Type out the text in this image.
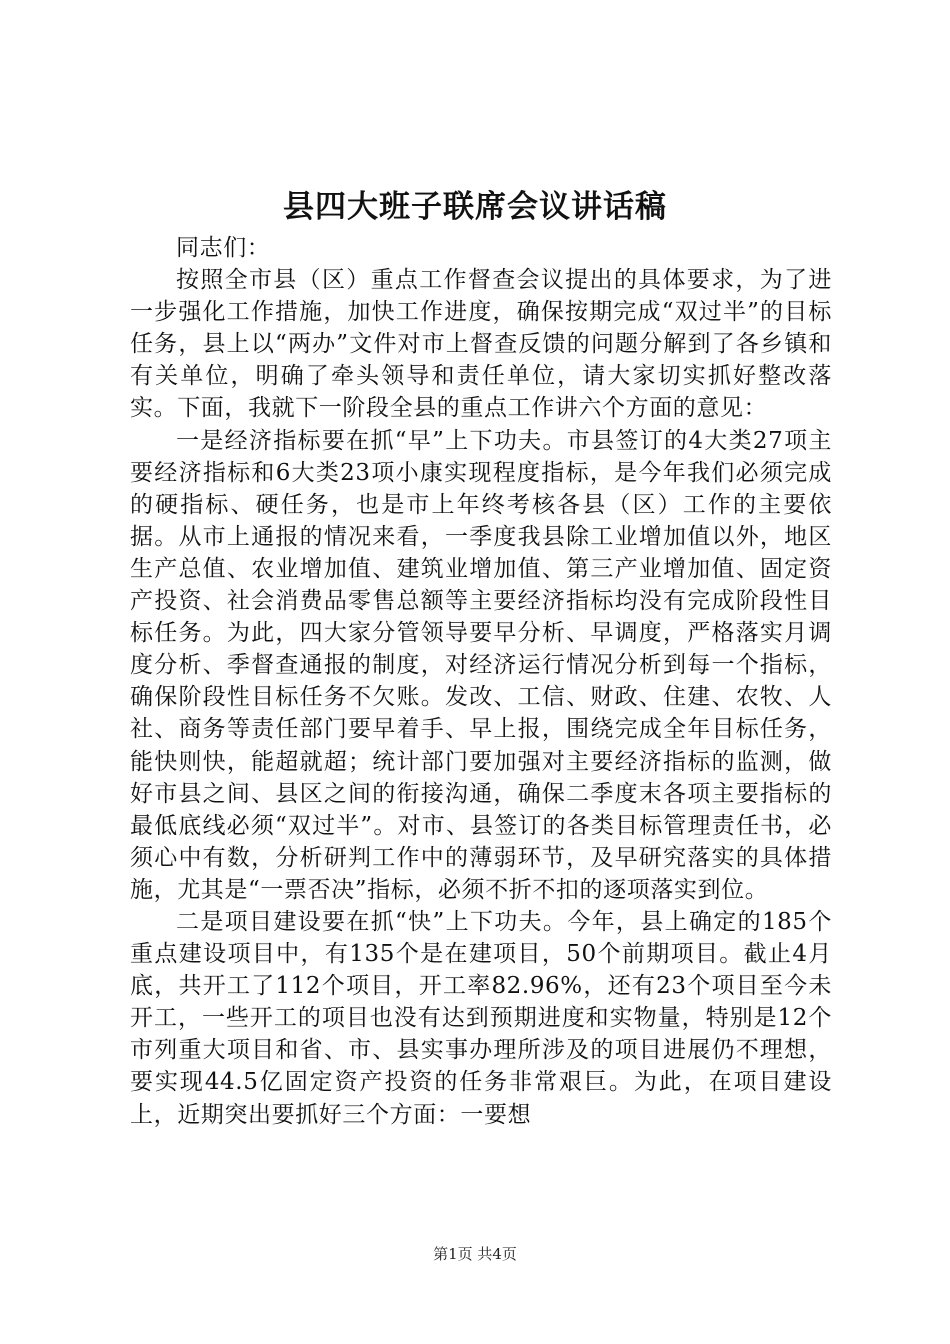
县四大班子联席会议讲话稿

同志们：

按照全市县（区）重点工作督查会议提出的具体要求，为了进一步强化工作措施，加快工作进度，确保按期完成“双过半”的目标任务，县上以“两办”文件对市上督查反馈的问题分解到了各乡镇和有关单位，明确了牵头领导和责任单位，请大家切实抓好整改落实。下面，我就下一阶段全县的重点工作讲六个方面的意见：

一是经济指标要在抓“早”上下功夫。市县签订的4大类27项主要经济指标和6大类23项小康实现程度指标，是今年我们必须完成的硬指标、硬任务，也是市上年终考核各县（区）工作的主要依据。从市上通报的情况来看，一季度我县除工业增加值以外，地区生产总值、农业增加值、建筑业增加值、第三产业增加值、固定资产投资、社会消费品零售总额等主要经济指标均没有完成阶段性目标任务。为此，四大家分管领导要早分析、早调度，严格落实月调度分析、季督查通报的制度，对经济运行情况分析到每一个指标，确保阶段性目标任务不欠账。发改、工信、财政、住建、农牧、人社、商务等责任部门要早着手、早上报，围绕完成全年目标任务，能快则快，能超就超；统计部门要加强对主要经济指标的监测，做好市县之间、县区之间的衔接沟通，确保二季度末各项主要指标的最低底线必须“双过半”。对市、县签订的各类目标管理责任书，必须心中有数，分析研判工作中的薄弱环节，及早研究落实的具体措施，尤其是“一票否决”指标，必须不折不扣的逐项落实到位。

二是项目建设要在抓“快”上下功夫。今年，县上确定的185个重点建设项目中，有135个是在建项目，50个前期项目。截止4月底，共开工了112个项目，开工率82.96%，还有23个项目至今未开工，一些开工的项目也没有达到预期进度和实物量，特别是12个市列重大项目和省、市、县实事办理所涉及的项目进展仍不理想，要实现44.5亿固定资产投资的任务非常艰巨。为此，在项目建设上，近期突出要抓好三个方面：一要想

第1页 共4页
